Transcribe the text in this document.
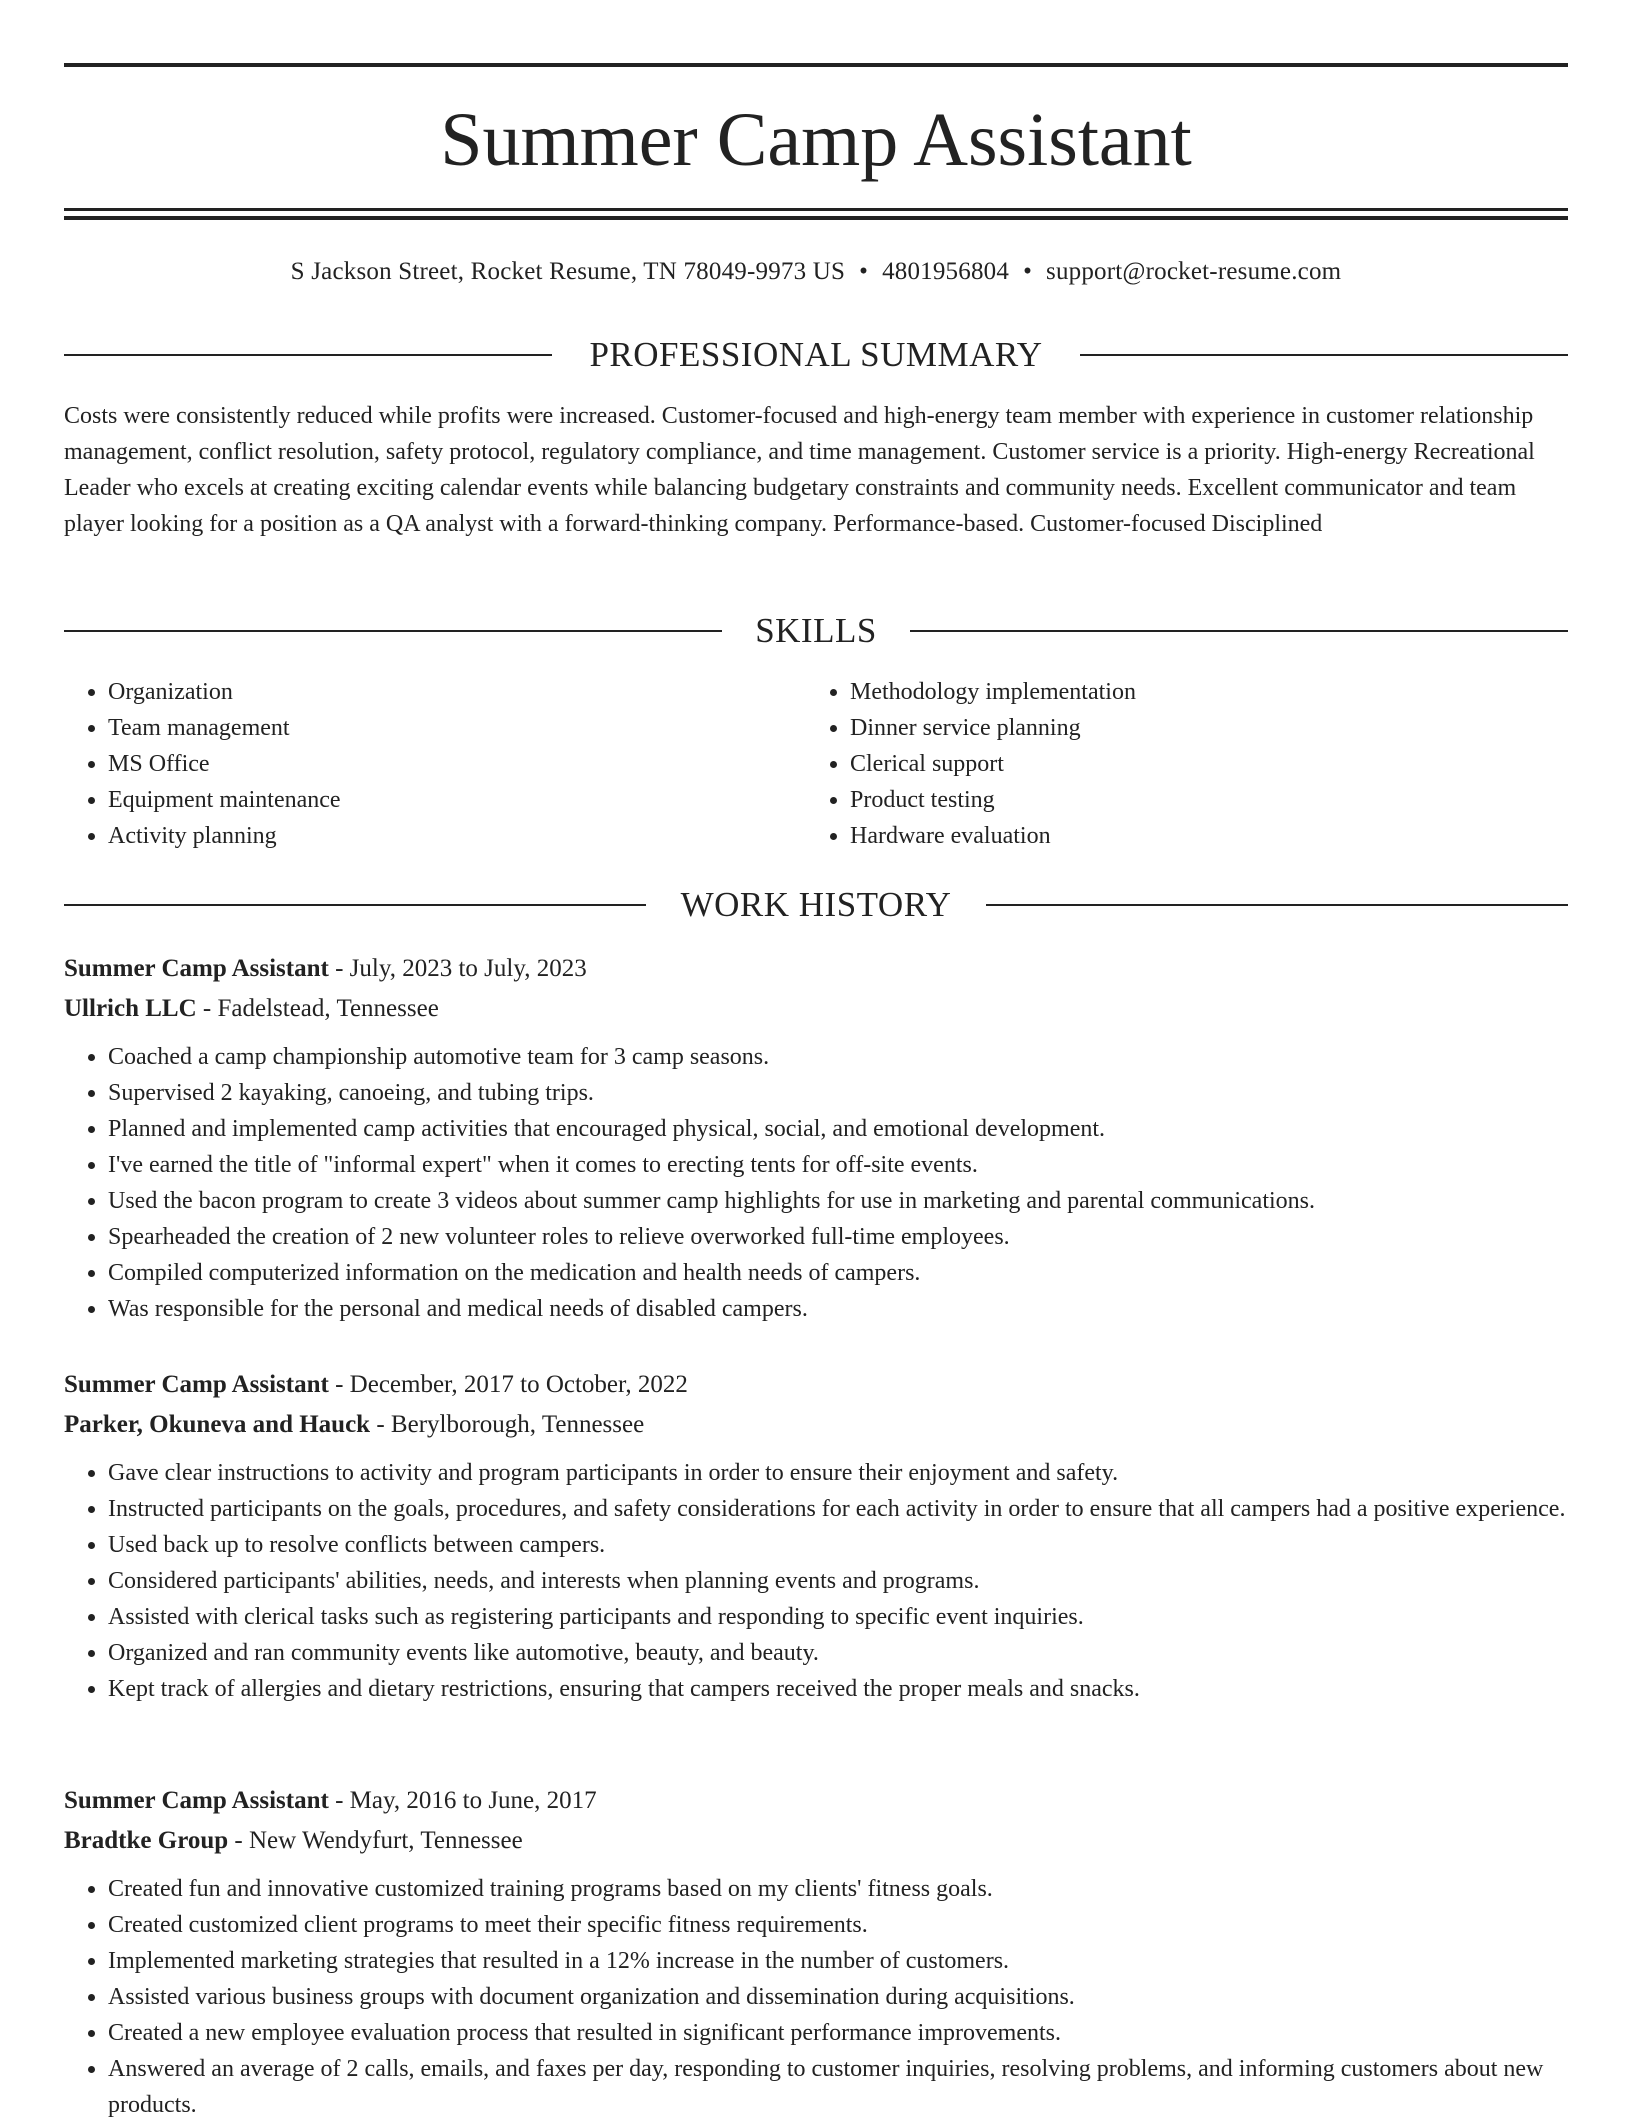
Summer Camp Assistant
S Jackson Street, Rocket Resume, TN 78049-9973 US • 4801956804 • support@rocket-resume.com
PROFESSIONAL SUMMARY

Costs were consistently reduced while profits were increased. Customer-focused and high-energy team member with experience in customer relationship management, conflict resolution, safety protocol, regulatory compliance, and time management. Customer service is a priority. High-energy Recreational Leader who excels at creating exciting calendar events while balancing budgetary constraints and community needs. Excellent communicator and team player looking for a position as a QA analyst with a forward-thinking company. Performance-based. Customer-focused Disciplined

SKILLS
• Organization
• Team management
• MS Office
• Equipment maintenance
• Activity planning
• Methodology implementation
• Dinner service planning
• Clerical support
• Product testing
• Hardware evaluation
WORK HISTORY

Summer Camp Assistant - July, 2023 to July, 2023

Ullrich LLC - Fadelstead, Tennessee

• Coached a camp championship automotive team for 3 camp seasons.
• Supervised 2 kayaking, canoeing, and tubing trips.
• Planned and implemented camp activities that encouraged physical, social, and emotional development.
• I've earned the title of "informal expert" when it comes to erecting tents for off-site events.
• Used the bacon program to create 3 videos about summer camp highlights for use in marketing and parental communications.
• Spearheaded the creation of 2 new volunteer roles to relieve overworked full-time employees.
• Compiled computerized information on the medication and health needs of campers.
• Was responsible for the personal and medical needs of disabled campers.

Summer Camp Assistant - December, 2017 to October, 2022

Parker, Okuneva and Hauck - Berylborough, Tennessee

• Gave clear instructions to activity and program participants in order to ensure their enjoyment and safety.
• Instructed participants on the goals, procedures, and safety considerations for each activity in order to ensure that all campers had a positive experience.
• Used back up to resolve conflicts between campers.
• Considered participants' abilities, needs, and interests when planning events and programs.
• Assisted with clerical tasks such as registering participants and responding to specific event inquiries.
• Organized and ran community events like automotive, beauty, and beauty.
• Kept track of allergies and dietary restrictions, ensuring that campers received the proper meals and snacks.

Summer Camp Assistant - May, 2016 to June, 2017

Bradtke Group - New Wendyfurt, Tennessee

• Created fun and innovative customized training programs based on my clients' fitness goals.
• Created customized client programs to meet their specific fitness requirements.
• Implemented marketing strategies that resulted in a 12% increase in the number of customers.
• Assisted various business groups with document organization and dissemination during acquisitions.
• Created a new employee evaluation process that resulted in significant performance improvements.
• Answered an average of 2 calls, emails, and faxes per day, responding to customer inquiries, resolving problems, and informing customers about new products.
